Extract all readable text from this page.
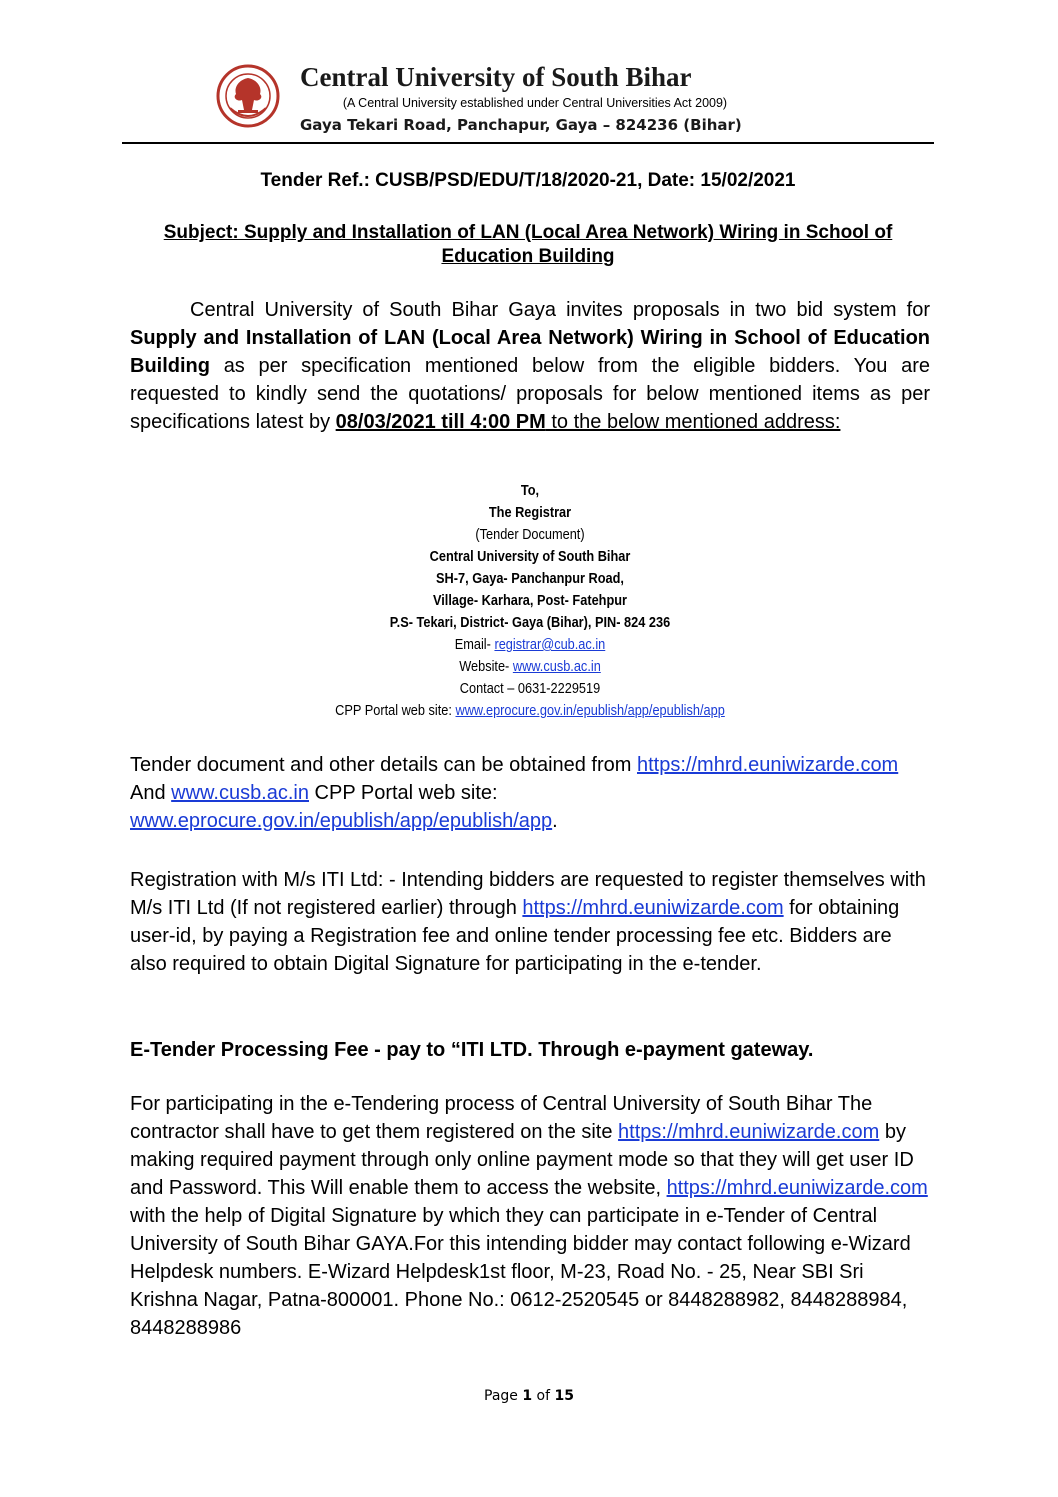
Central University of South Bihar
(A Central University established under Central Universities Act 2009)
Gaya Tekari Road, Panchapur, Gaya – 824236 (Bihar)
Tender Ref.: CUSB/PSD/EDU/T/18/2020-21, Date: 15/02/2021
Subject: Supply and Installation of LAN (Local Area Network) Wiring in School of Education Building
Central University of South Bihar Gaya invites proposals in two bid system for Supply and Installation of LAN (Local Area Network) Wiring in School of Education Building as per specification mentioned below from the eligible bidders. You are requested to kindly send the quotations/ proposals for below mentioned items as per specifications latest by 08/03/2021 till 4:00 PM to the below mentioned address:
To,
The Registrar
(Tender Document)
Central University of South Bihar
SH-7, Gaya- Panchanpur Road,
Village- Karhara, Post- Fatehpur
P.S- Tekari, District- Gaya (Bihar), PIN- 824 236
Email- registrar@cub.ac.in
Website- www.cusb.ac.in
Contact – 0631-2229519
CPP Portal web site: www.eprocure.gov.in/epublish/app/epublish/app
Tender document and other details can be obtained from https://mhrd.euniwizarde.com And www.cusb.ac.in CPP Portal web site: www.eprocure.gov.in/epublish/app/epublish/app.
Registration with M/s ITI Ltd: - Intending bidders are requested to register themselves with M/s ITI Ltd (If not registered earlier) through https://mhrd.euniwizarde.com for obtaining user-id, by paying a Registration fee and online tender processing fee etc. Bidders are also required to obtain Digital Signature for participating in the e-tender.
E-Tender Processing Fee - pay to “ITI LTD. Through e-payment gateway.
For participating in the e-Tendering process of Central University of South Bihar The contractor shall have to get them registered on the site https://mhrd.euniwizarde.com by making required payment through only online payment mode so that they will get user ID and Password. This Will enable them to access the website, https://mhrd.euniwizarde.com with the help of Digital Signature by which they can participate in e-Tender of Central University of South Bihar GAYA.For this intending bidder may contact following e-Wizard Helpdesk numbers. E-Wizard Helpdesk1st floor, M-23, Road No. - 25, Near SBI Sri Krishna Nagar, Patna-800001. Phone No.: 0612-2520545 or 8448288982, 8448288984, 8448288986
Page 1 of 15
